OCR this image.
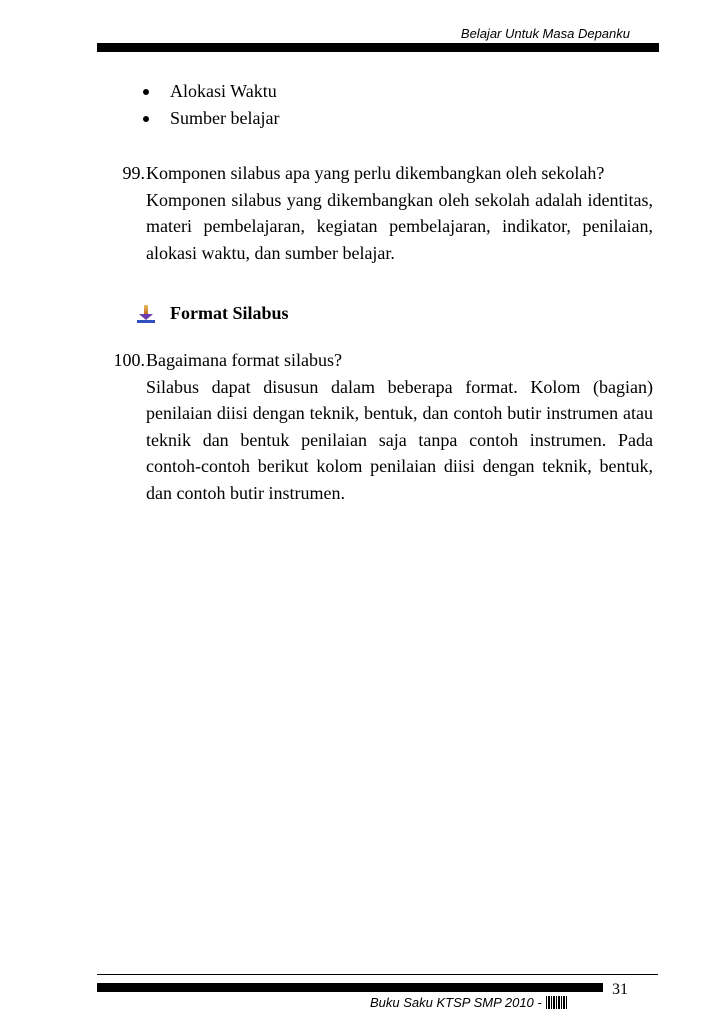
Belajar Untuk Masa Depanku
Alokasi Waktu
Sumber belajar
99. Komponen silabus apa yang perlu dikembangkan oleh sekolah?
Komponen silabus yang dikembangkan oleh sekolah adalah identitas, materi pembelajaran, kegiatan pembelajaran, indikator, penilaian, alokasi waktu, dan sumber belajar.
Format Silabus
100. Bagaimana format silabus?
Silabus dapat disusun dalam beberapa format. Kolom (bagian) penilaian diisi dengan teknik, bentuk, dan contoh butir instrumen atau teknik dan bentuk penilaian saja tanpa contoh instrumen. Pada contoh-contoh berikut kolom penilaian diisi dengan teknik, bentuk, dan contoh butir instrumen.
31
Buku Saku KTSP SMP 2010 -
